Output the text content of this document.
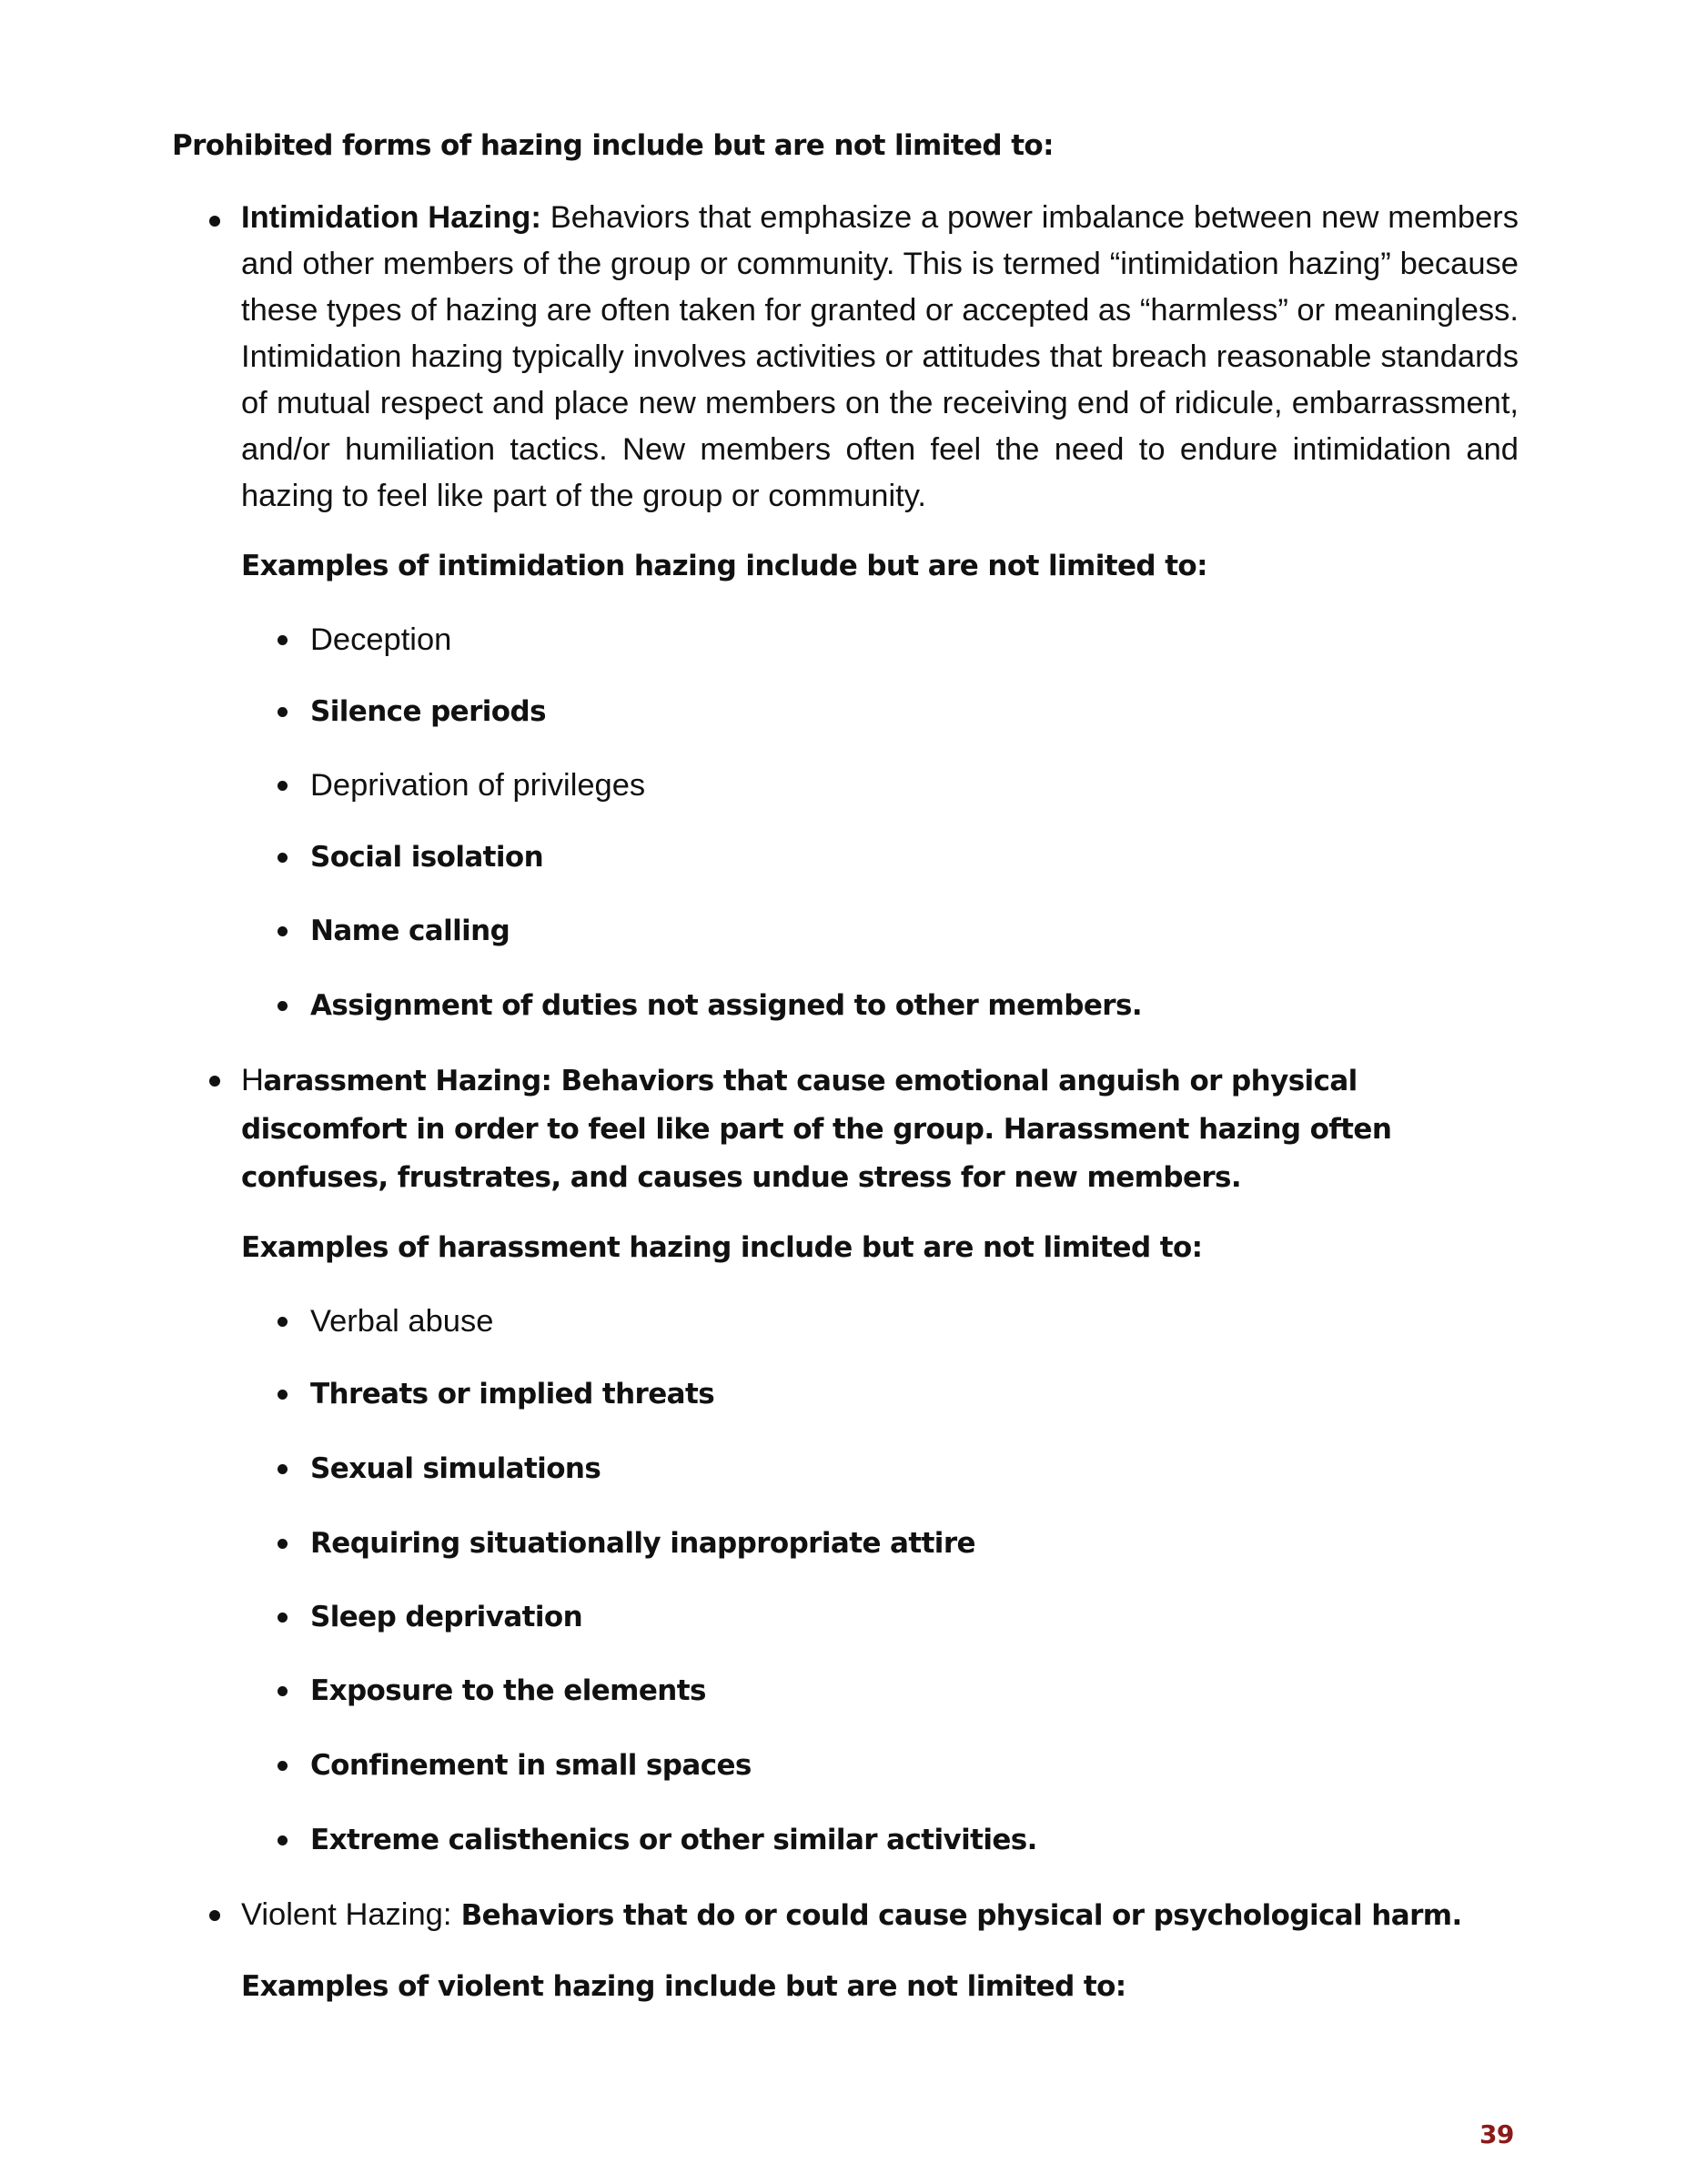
Prohibited forms of hazing include but are not limited to:

Intimidation Hazing: Behaviors that emphasize a power imbalance between new members and other members of the group or community. This is termed “intimidation hazing” because these types of hazing are often taken for granted or accepted as “harmless” or meaningless. Intimidation hazing typically involves activities or attitudes that breach reasonable standards of mutual respect and place new members on the receiving end of ridicule, embarrassment, and/or humiliation tactics. New members often feel the need to endure intimidation and hazing to feel like part of the group or community.

Examples of intimidation hazing include but are not limited to:

Deception

Silence periods

Deprivation of privileges

Social isolation

Name calling

Assignment of duties not assigned to other members.

Harassment Hazing: Behaviors that cause emotional anguish or physical discomfort in order to feel like part of the group. Harassment hazing often confuses, frustrates, and causes undue stress for new members.

Examples of harassment hazing include but are not limited to:

Verbal abuse

Threats or implied threats

Sexual simulations

Requiring situationally inappropriate attire

Sleep deprivation

Exposure to the elements

Confinement in small spaces

Extreme calisthenics or other similar activities.

Violent Hazing: Behaviors that do or could cause physical or psychological harm.

Examples of violent hazing include but are not limited to:

39
